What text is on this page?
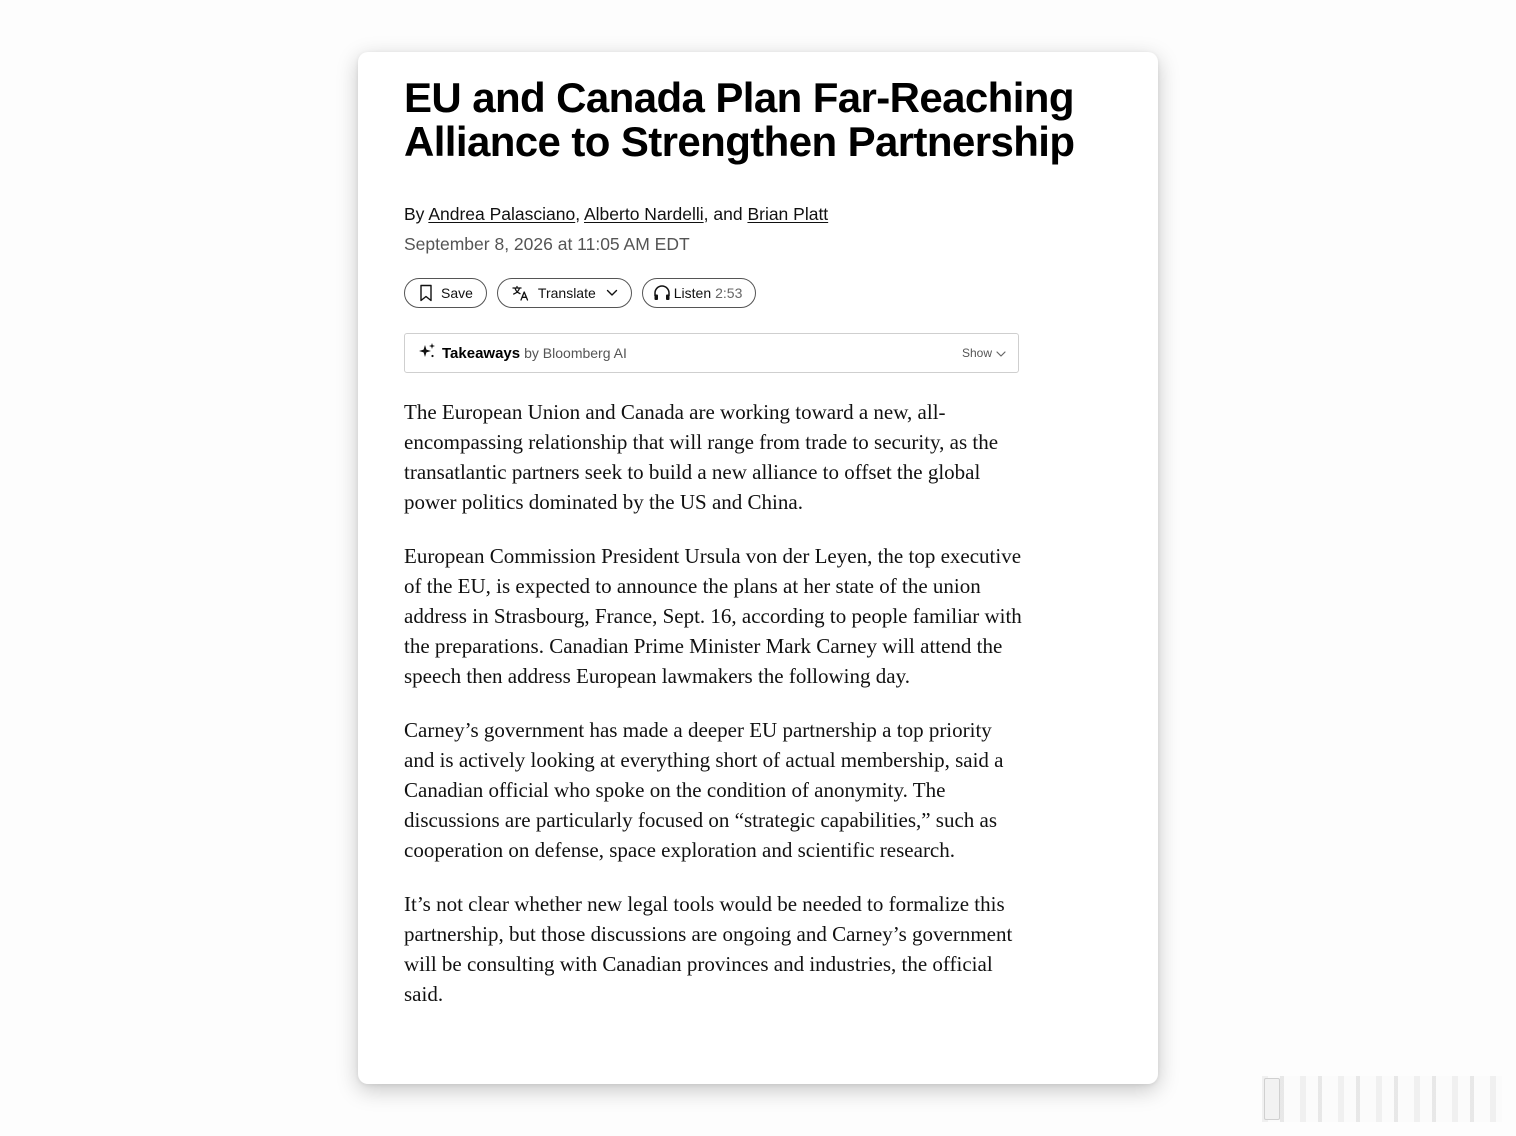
EU and Canada Plan Far-Reaching Alliance to Strengthen Partnership
By Andrea Palasciano, Alberto Nardelli, and Brian Platt
September 8, 2026 at 11:05 AM EDT
Save	Translate	Listen 2:53
Takeaways by Bloomberg AI	Show

The European Union and Canada are working toward a new, all-encompassing relationship that will range from trade to security, as the transatlantic partners seek to build a new alliance to offset the global power politics dominated by the US and China.

European Commission President Ursula von der Leyen, the top executive of the EU, is expected to announce the plans at her state of the union address in Strasbourg, France, Sept. 16, according to people familiar with the preparations. Canadian Prime Minister Mark Carney will attend the speech then address European lawmakers the following day.

Carney’s government has made a deeper EU partnership a top priority and is actively looking at everything short of actual membership, said a Canadian official who spoke on the condition of anonymity. The discussions are particularly focused on “strategic capabilities,” such as cooperation on defense, space exploration and scientific research.

It’s not clear whether new legal tools would be needed to formalize this partnership, but those discussions are ongoing and Carney’s government will be consulting with Canadian provinces and industries, the official said.
